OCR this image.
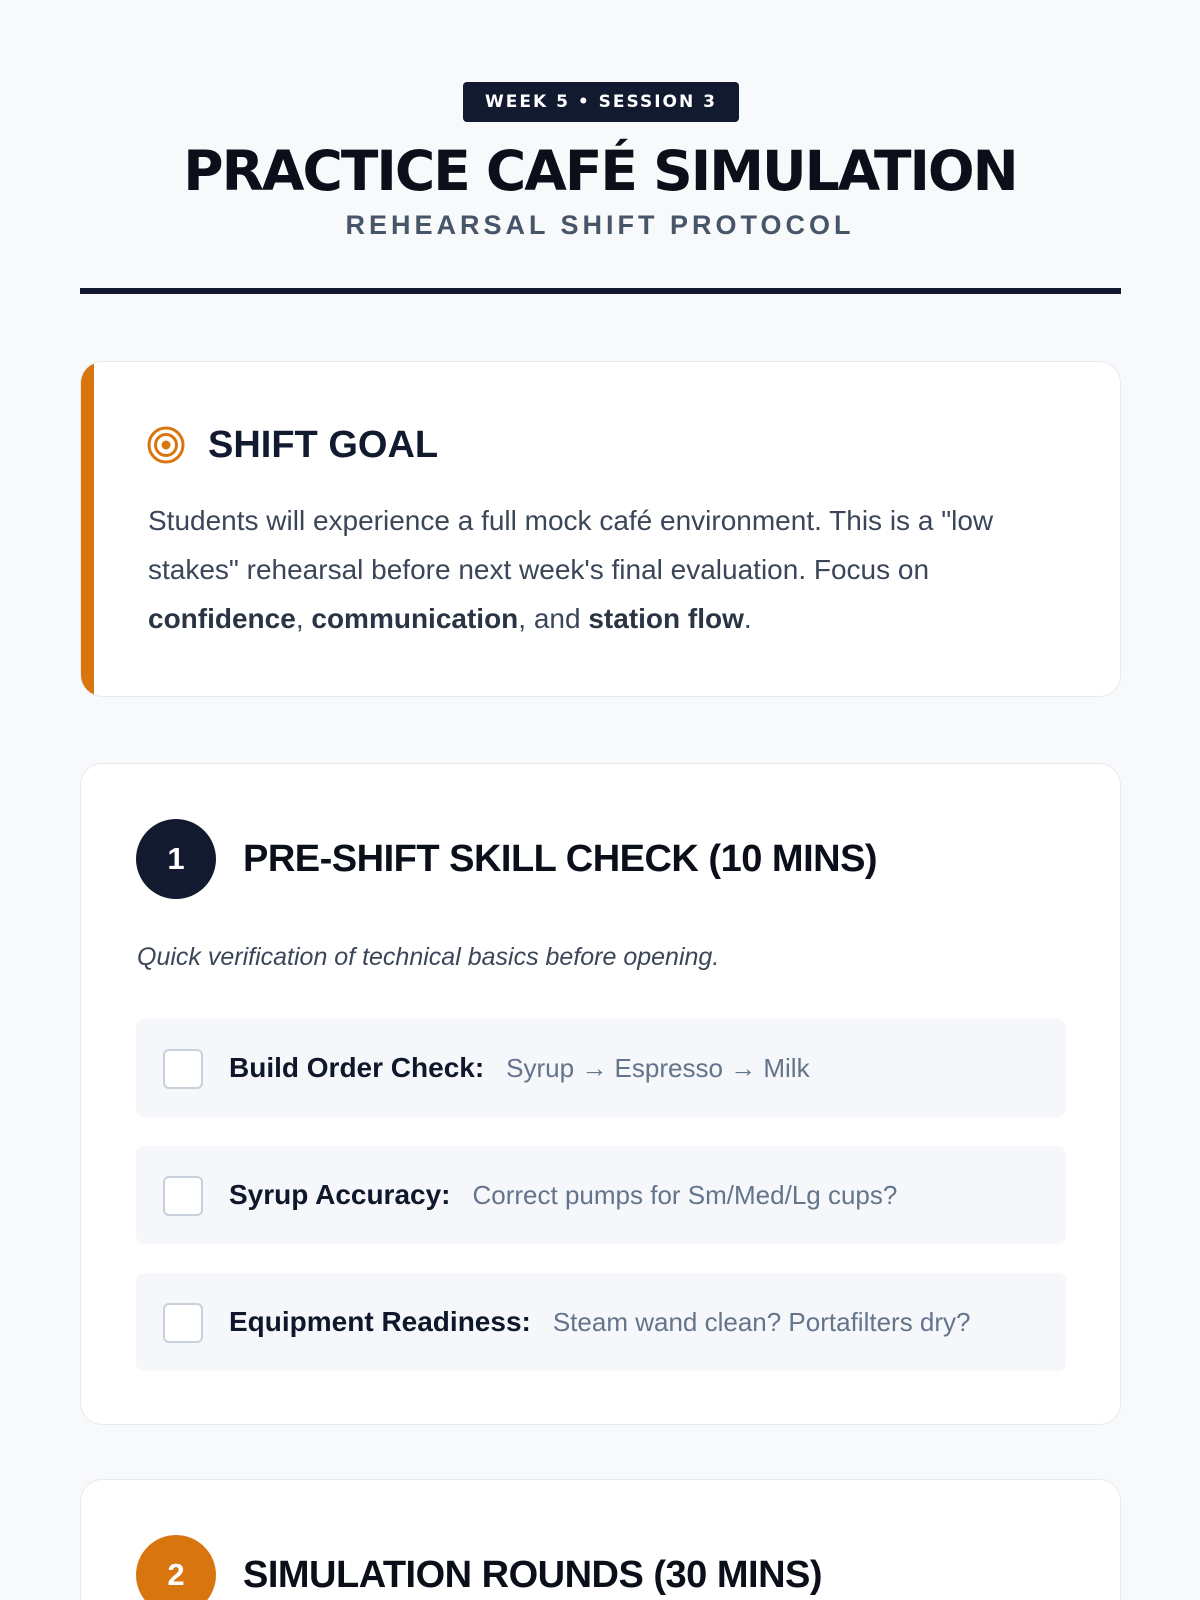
WEEK 5 • SESSION 3
PRACTICE CAFÉ SIMULATION
REHEARSAL SHIFT PROTOCOL
SHIFT GOAL

Students will experience a full mock café environment. This is a "low stakes" rehearsal before next week's final evaluation. Focus on confidence, communication, and station flow.

1	PRE-SHIFT SKILL CHECK (10 MINS)
Quick verification of technical basics before opening.
Build Order Check: Syrup → Espresso → Milk
Syrup Accuracy: Correct pumps for Sm/Med/Lg cups?
Equipment Readiness: Steam wand clean? Portafilters dry?
2	SIMULATION ROUNDS (30 MINS)
